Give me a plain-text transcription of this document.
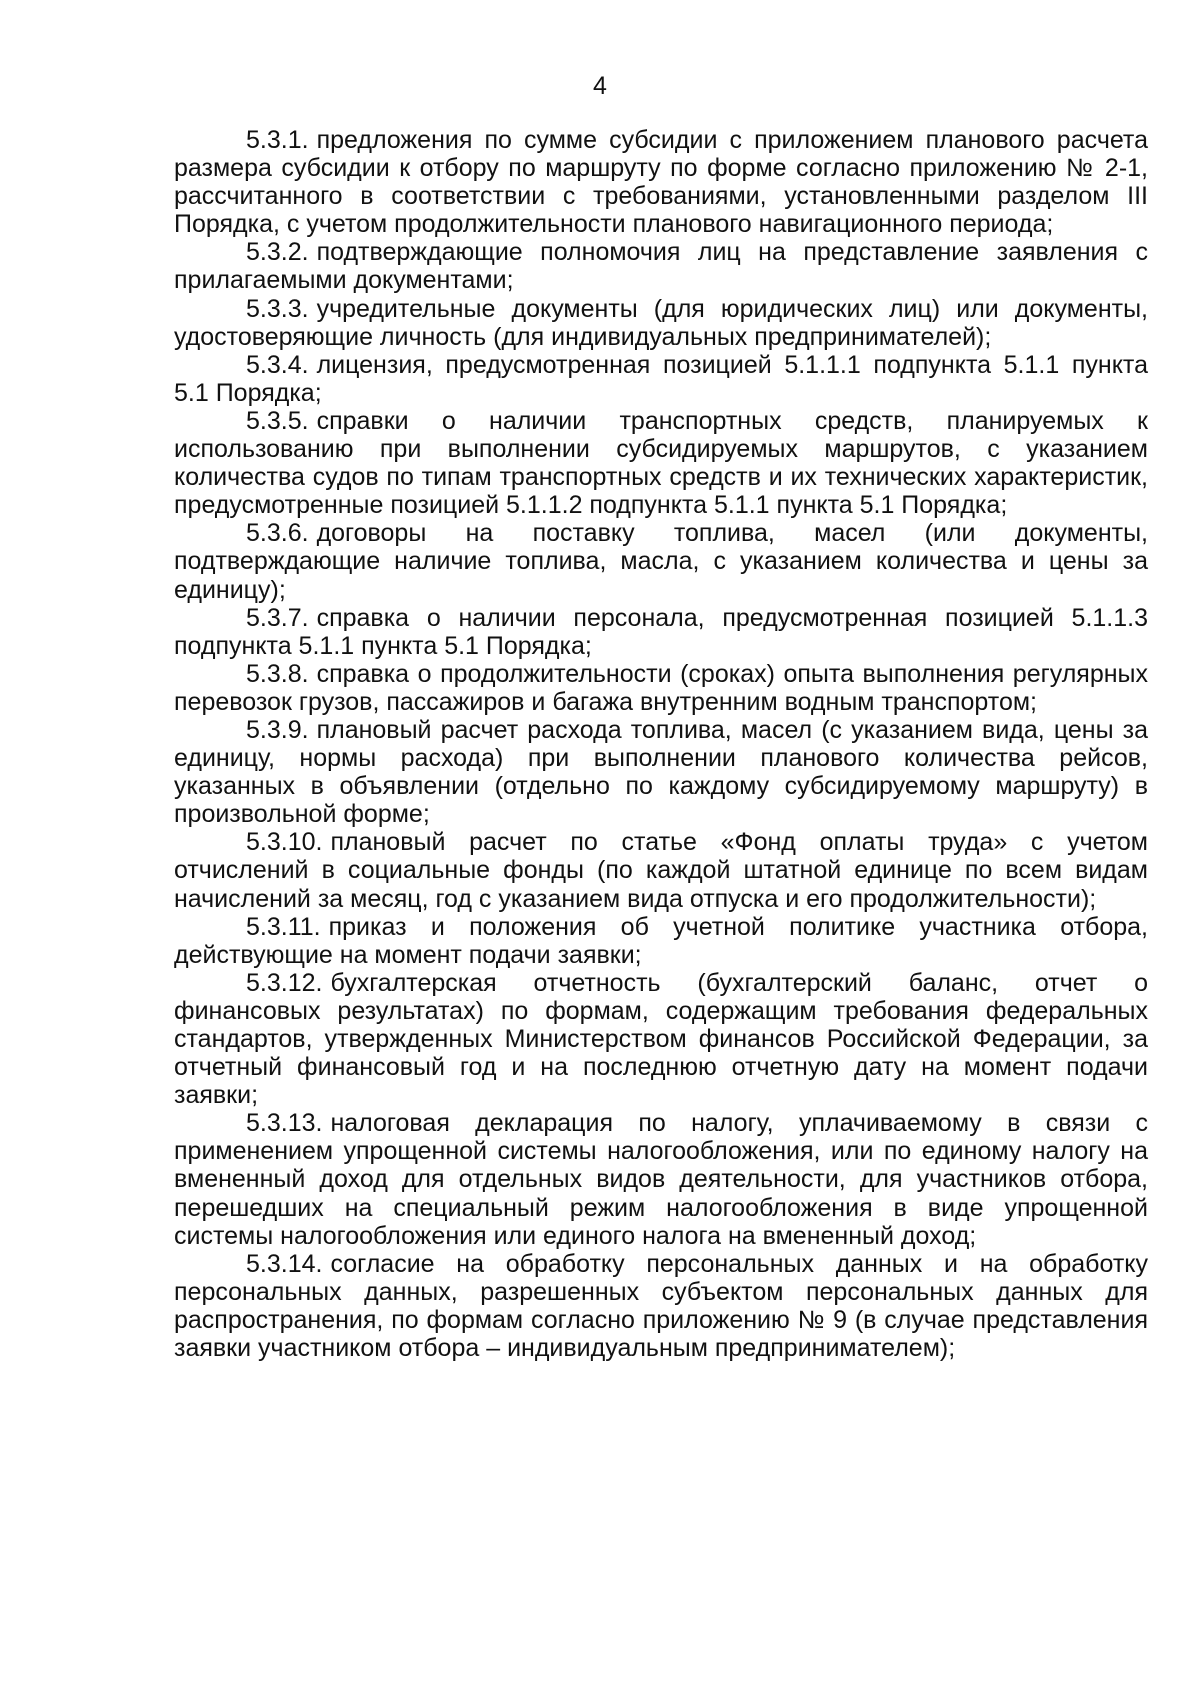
4

5.3.1. предложения по сумме субсидии с приложением планового расчета размера субсидии к отбору по маршруту по форме согласно приложению № 2-1, рассчитанного в соответствии с требованиями, установленными разделом III Порядка, с учетом продолжительности планового навигационного периода;

5.3.2. подтверждающие полномочия лиц на представление заявления с прилагаемыми документами;

5.3.3. учредительные документы (для юридических лиц) или документы, удостоверяющие личность (для индивидуальных предпринимателей);

5.3.4. лицензия, предусмотренная позицией 5.1.1.1 подпункта 5.1.1 пункта 5.1 Порядка;

5.3.5. справки о наличии транспортных средств, планируемых к использованию при выполнении субсидируемых маршрутов, с указанием количества судов по типам транспортных средств и их технических характеристик, предусмотренные позицией 5.1.1.2 подпункта 5.1.1 пункта 5.1 Порядка;

5.3.6. договоры на поставку топлива, масел (или документы, подтверждающие наличие топлива, масла, с указанием количества и цены за единицу);

5.3.7. справка о наличии персонала, предусмотренная позицией 5.1.1.3 подпункта 5.1.1 пункта 5.1 Порядка;

5.3.8. справка о продолжительности (сроках) опыта выполнения регулярных перевозок грузов, пассажиров и багажа внутренним водным транспортом;

5.3.9. плановый расчет расхода топлива, масел (с указанием вида, цены за единицу, нормы расхода) при выполнении планового количества рейсов, указанных в объявлении (отдельно по каждому субсидируемому маршруту) в произвольной форме;

5.3.10. плановый расчет по статье «Фонд оплаты труда» с учетом отчислений в социальные фонды (по каждой штатной единице по всем видам начислений за месяц, год с указанием вида отпуска и его продолжительности);

5.3.11. приказ и положения об учетной политике участника отбора, действующие на момент подачи заявки;

5.3.12. бухгалтерская отчетность (бухгалтерский баланс, отчет о финансовых результатах) по формам, содержащим требования федеральных стандартов, утвержденных Министерством финансов Российской Федерации, за отчетный финансовый год и на последнюю отчетную дату на момент подачи заявки;

5.3.13. налоговая декларация по налогу, уплачиваемому в связи с применением упрощенной системы налогообложения, или по единому налогу на вмененный доход для отдельных видов деятельности, для участников отбора, перешедших на специальный режим налогообложения в виде упрощенной системы налогообложения или единого налога на вмененный доход;

5.3.14. согласие на обработку персональных данных и на обработку персональных данных, разрешенных субъектом персональных данных для распространения, по формам согласно приложению № 9 (в случае представления заявки участником отбора – индивидуальным предпринимателем);
